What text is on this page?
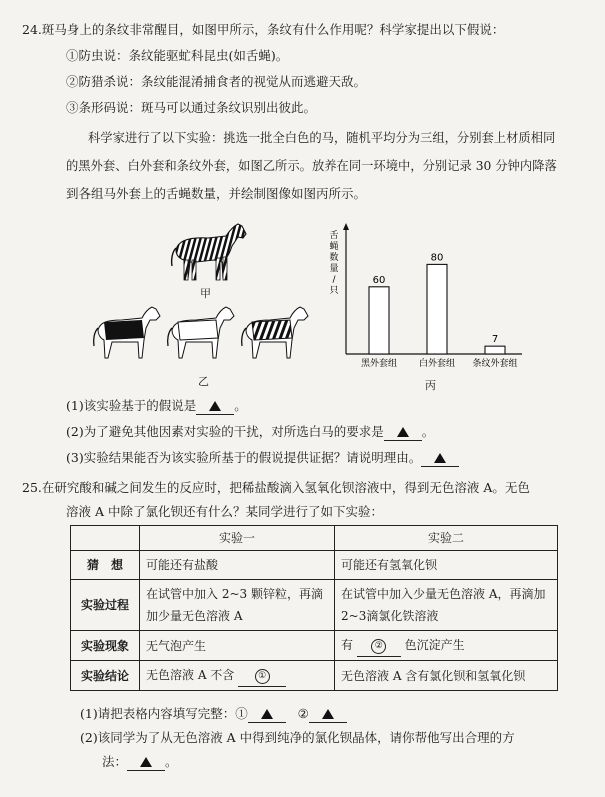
24.斑马身上的条纹非常醒目，如图甲所示，条纹有什么作用呢？科学家提出以下假说：
①防虫说：条纹能驱虻科昆虫(如舌蝇)。
②防猎杀说：条纹能混淆捕食者的视觉从而逃避天敌。
③条形码说：斑马可以通过条纹识别出彼此。
科学家进行了以下实验：挑选一批全白色的马，随机平均分为三组，分别套上材质相同
的黑外套、白外套和条纹外套，如图乙所示。放养在同一环境中，分别记录 30 分钟内降落
到各组马外套上的舌蝇数量，并绘制图像如图丙所示。
甲
乙
舌蝇数量/只
60
黑外套组
80
白外套组
7
条纹外套组
丙
(1)该实验基于的假说是	。
(2)为了避免其他因素对实验的干扰，对所选白马的要求是	。
(3)实验结果能否为该实验所基于的假说提供证据？请说明理由。
25.在研究酸和碱之间发生的反应时，把稀盐酸滴入氢氧化钡溶液中，得到无色溶液 A。无色
溶液 A 中除了氯化钡还有什么？某同学进行了如下实验：
	实验一	实验二
猜　想	可能还有盐酸	可能还有氢氧化钡
实验过程	在试管中加入 2~3 颗锌粒，再滴加少量无色溶液 A	在试管中加入少量无色溶液 A，再滴加 2~3滴氯化铁溶液
实验现象	无气泡产生	有 ② 色沉淀产生
实验结论	无色溶液 A 不含 ①	无色溶液 A 含有氯化钡和氢氧化钡
(1)请把表格内容填写完整：①	②
(2)该同学为了从无色溶液 A 中得到纯净的氯化钡晶体，请你帮他写出合理的方
法：	。
